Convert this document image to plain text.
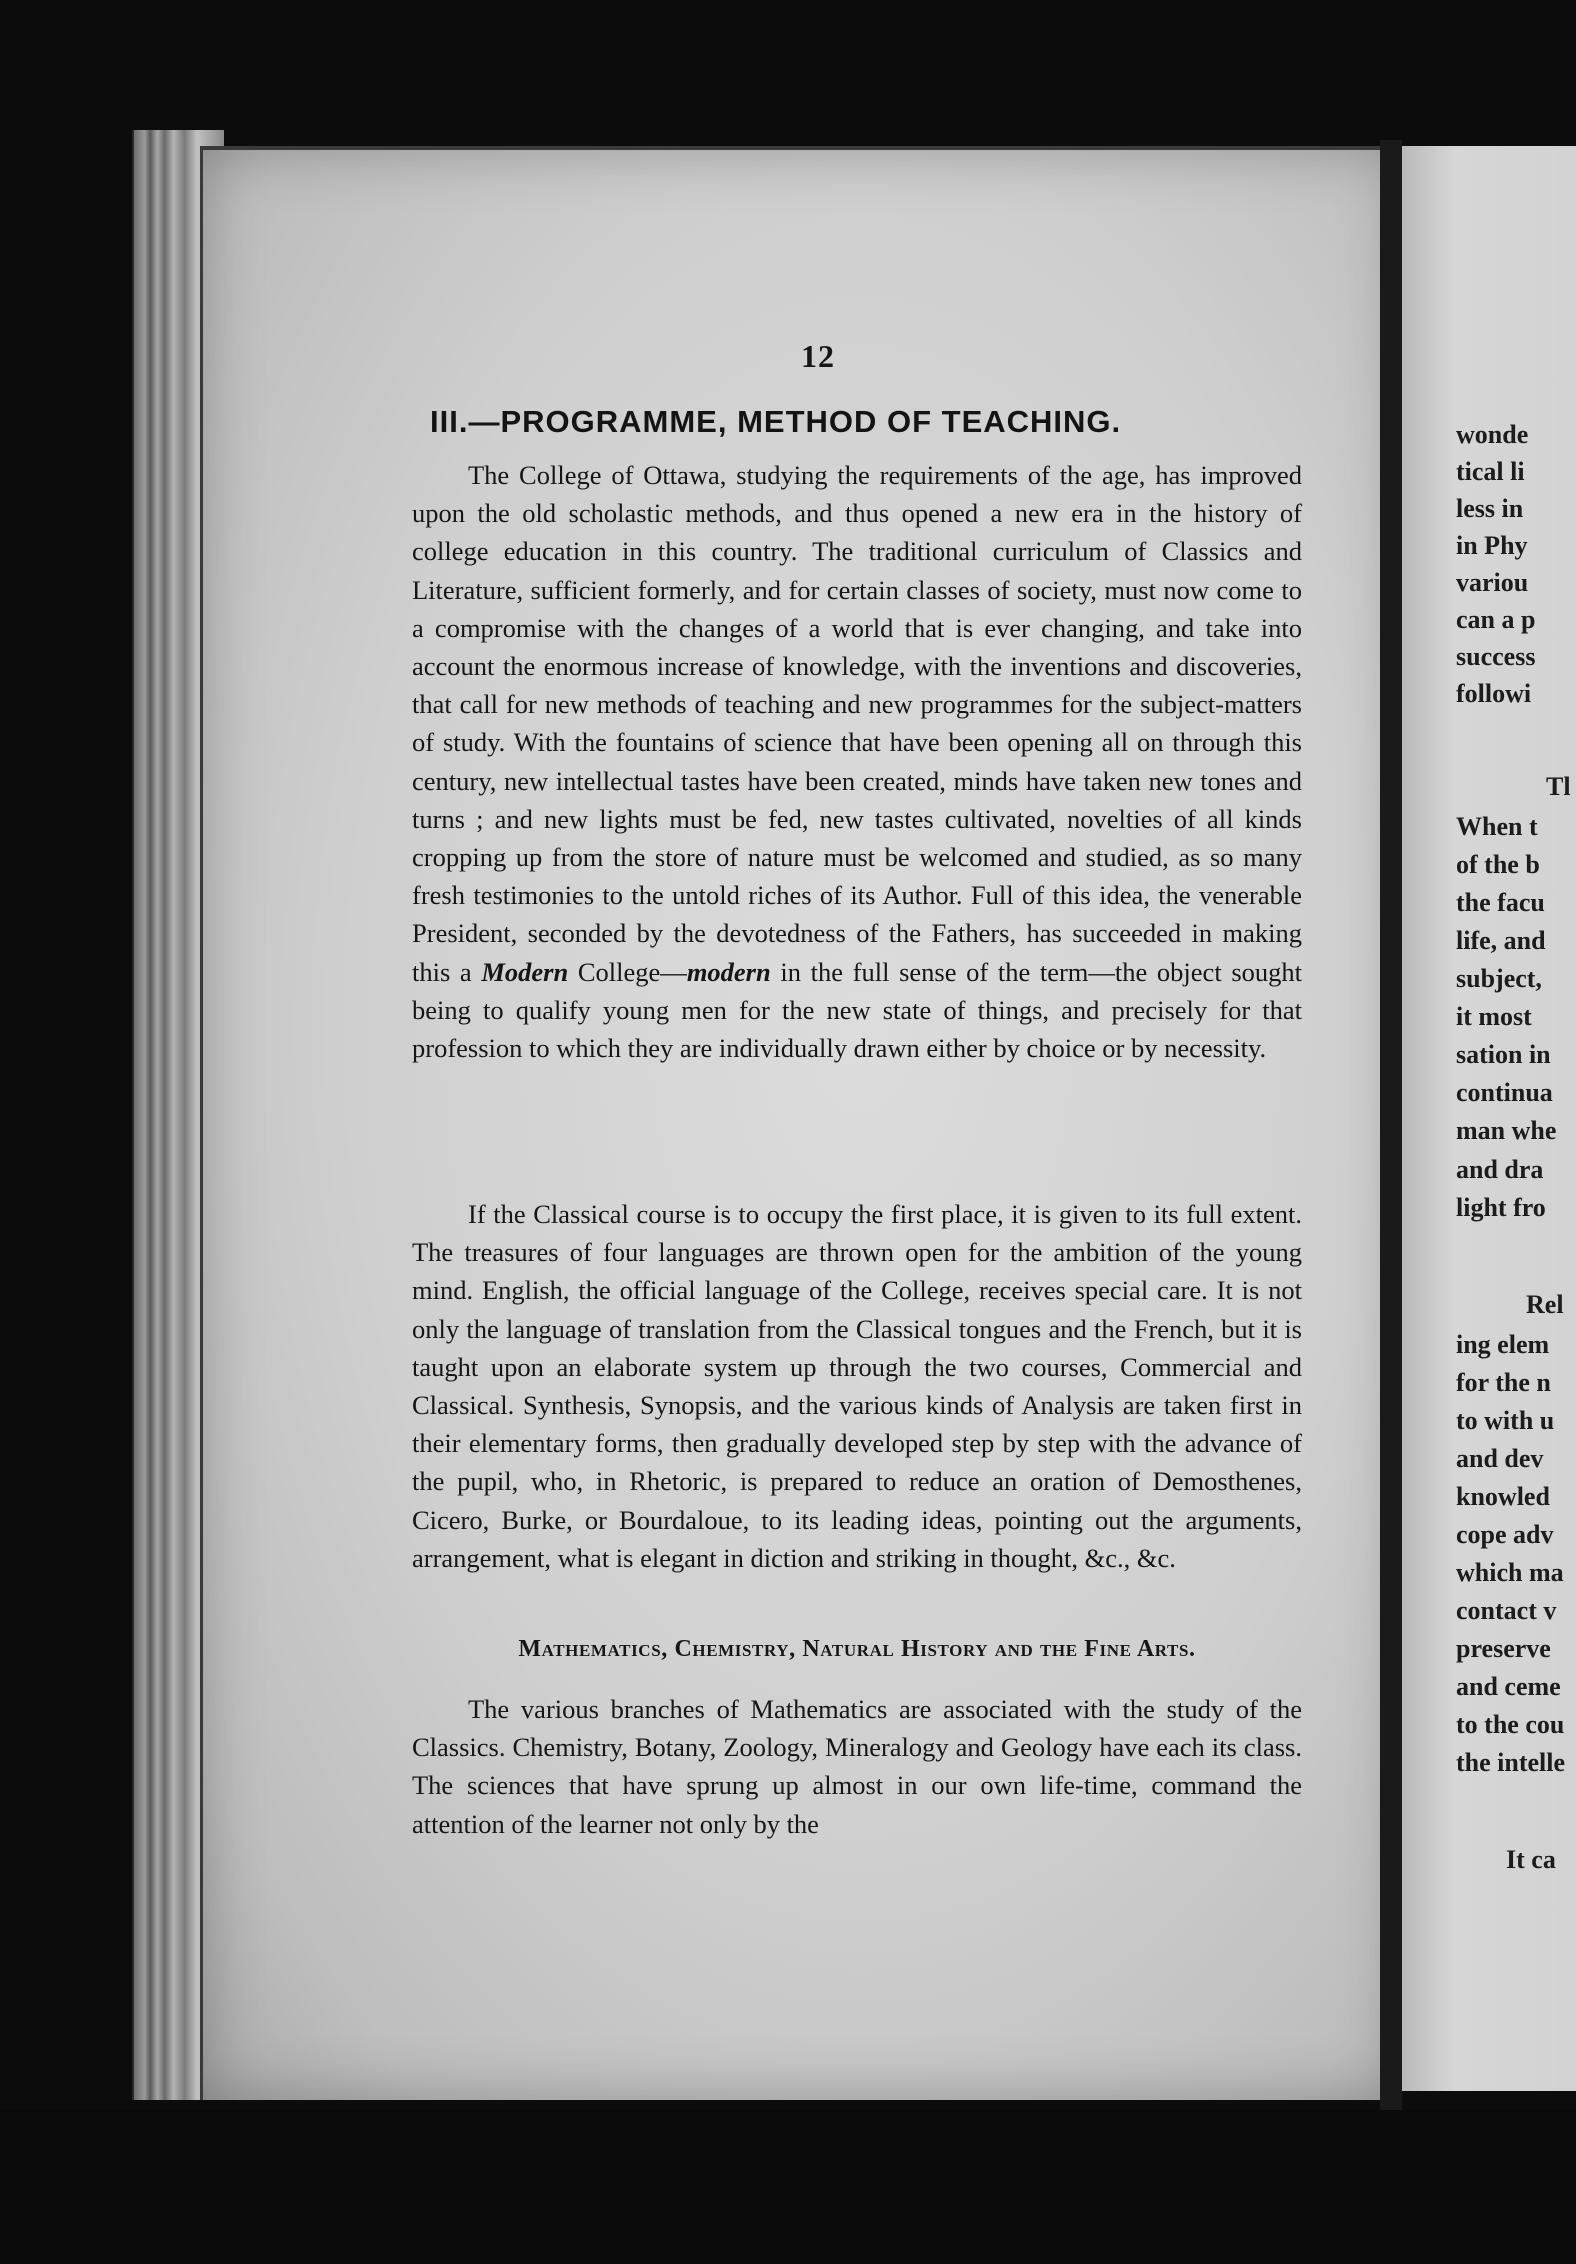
12

III.—PROGRAMME, METHOD OF TEACHING.

The College of Ottawa, studying the requirements of the age, has improved upon the old scholastic methods, and thus opened a new era in the history of college education in this country. The traditional curriculum of Classics and Literature, sufficient formerly, and for certain classes of society, must now come to a compromise with the changes of a world that is ever changing, and take into account the enormous increase of knowledge, with the inventions and discoveries, that call for new methods of teaching and new programmes for the subject-matters of study. With the fountains of science that have been opening all on through this century, new intellectual tastes have been created, minds have taken new tones and turns ; and new lights must be fed, new tastes cultivated, novelties of all kinds cropping up from the store of nature must be welcomed and studied, as so many fresh testimonies to the untold riches of its Author. Full of this idea, the venerable President, seconded by the devotedness of the Fathers, has succeeded in making this a Modern College—modern in the full sense of the term—the object sought being to qualify young men for the new state of things, and precisely for that profession to which they are individually drawn either by choice or by necessity.

If the Classical course is to occupy the first place, it is given to its full extent. The treasures of four languages are thrown open for the ambition of the young mind. English, the official language of the College, receives special care. It is not only the language of translation from the Classical tongues and the French, but it is taught upon an elaborate system up through the two courses, Commercial and Classical. Synthesis, Synopsis, and the various kinds of Analysis are taken first in their elementary forms, then gradually developed step by step with the advance of the pupil, who, in Rhetoric, is prepared to reduce an oration of Demosthenes, Cicero, Burke, or Bourdaloue, to its leading ideas, pointing out the arguments, arrangement, what is elegant in diction and striking in thought, &c., &c.

Mathematics, Chemistry, Natural History and the Fine Arts.

The various branches of Mathematics are associated with the study of the Classics. Chemistry, Botany, Zoology, Mineralogy and Geology have each its class. The sciences that have sprung up almost in our own life-time, command the attention of the learner not only by the

wonde
tical li
less in
in Phy
variou
can a p
success
followi
Tl
When t
of the b
the facu
life, and
subject,
it most
sation in
continua
man whe
and dra
light fro
Rel
ing elem
for the n
to with u
and dev
knowled
cope adv
which ma
contact v
preserve
and ceme
to the cou
the intelle
It ca
